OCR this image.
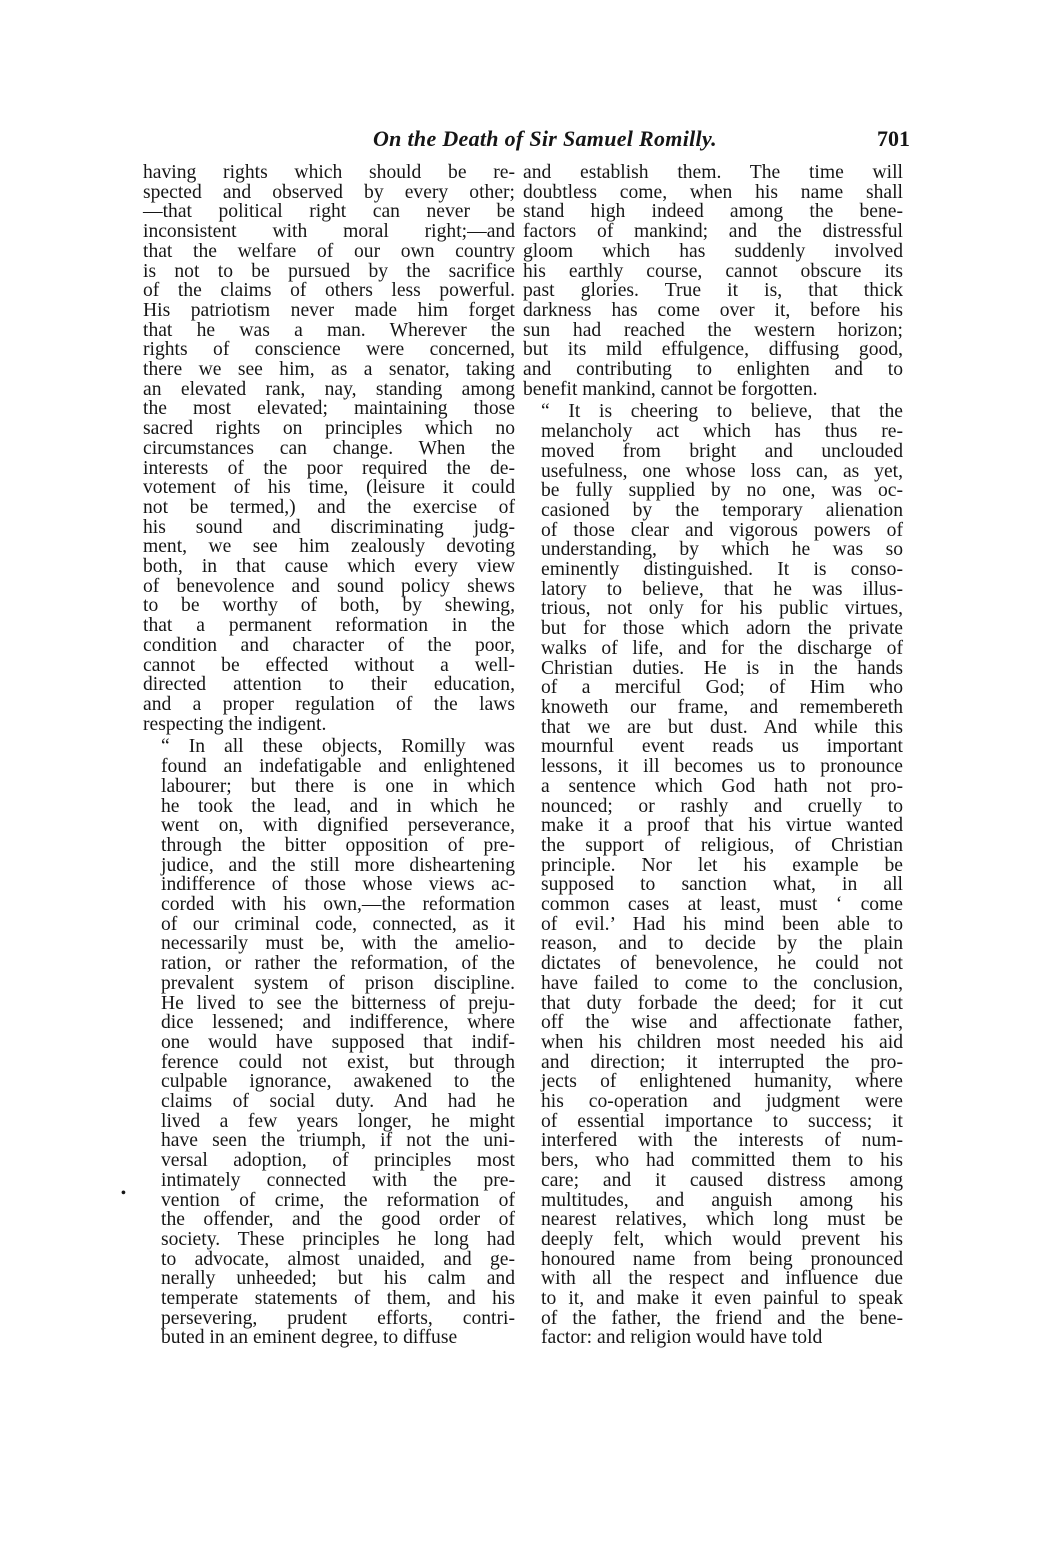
On the Death of Sir Samuel Romilly.	701
•

having rights which should be re-
spected and observed by every other;
—that political right can never be
inconsistent with moral right;—and
that the welfare of our own country
is not to be pursued by the sacrifice
of the claims of others less powerful.
His patriotism never made him forget
that he was a man. Wherever the
rights of conscience were concerned,
there we see him, as a senator, taking
an elevated rank, nay, standing among
the most elevated; maintaining those
sacred rights on principles which no
circumstances can change. When the
interests of the poor required the de-
votement of his time, (leisure it could
not be termed,) and the exercise of
his sound and discriminating judg-
ment, we see him zealously devoting
both, in that cause which every view
of benevolence and sound policy shews
to be worthy of both, by shewing,
that a permanent reformation in the
condition and character of the poor,
cannot be effected without a well-
directed attention to their education,
and a proper regulation of the laws
respecting the indigent.

“ In all these objects, Romilly was
found an indefatigable and enlightened
labourer; but there is one in which
he took the lead, and in which he
went on, with dignified perseverance,
through the bitter opposition of pre-
judice, and the still more disheartening
indifference of those whose views ac-
corded with his own,—the reformation
of our criminal code, connected, as it
necessarily must be, with the amelio-
ration, or rather the reformation, of the
prevalent system of prison discipline.
He lived to see the bitterness of preju-
dice lessened; and indifference, where
one would have supposed that indif-
ference could not exist, but through
culpable ignorance, awakened to the
claims of social duty. And had he
lived a few years longer, he might
have seen the triumph, if not the uni-
versal adoption, of principles most
intimately connected with the pre-
vention of crime, the reformation of
the offender, and the good order of
society. These principles he long had
to advocate, almost unaided, and ge-
nerally unheeded; but his calm and
temperate statements of them, and his
persevering, prudent efforts, contri-
buted in an eminent degree, to diffuse

and establish them. The time will
doubtless come, when his name shall
stand high indeed among the bene-
factors of mankind; and the distressful
gloom which has suddenly involved
his earthly course, cannot obscure its
past glories. True it is, that thick
darkness has come over it, before his
sun had reached the western horizon;
but its mild effulgence, diffusing good,
and contributing to enlighten and to
benefit mankind, cannot be forgotten.

“ It is cheering to believe, that the
melancholy act which has thus re-
moved from bright and unclouded
usefulness, one whose loss can, as yet,
be fully supplied by no one, was oc-
casioned by the temporary alienation
of those clear and vigorous powers of
understanding, by which he was so
eminently distinguished. It is conso-
latory to believe, that he was illus-
trious, not only for his public virtues,
but for those which adorn the private
walks of life, and for the discharge of
Christian duties. He is in the hands
of a merciful God; of Him who
knoweth our frame, and remembereth
that we are but dust. And while this
mournful event reads us important
lessons, it ill becomes us to pronounce
a sentence which God hath not pro-
nounced; or rashly and cruelly to
make it a proof that his virtue wanted
the support of religious, of Christian
principle. Nor let his example be
supposed to sanction what, in all
common cases at least, must ‘ come
of evil.’ Had his mind been able to
reason, and to decide by the plain
dictates of benevolence, he could not
have failed to come to the conclusion,
that duty forbade the deed; for it cut
off the wise and affectionate father,
when his children most needed his aid
and direction; it interrupted the pro-
jects of enlightened humanity, where
his co-operation and judgment were
of essential importance to success; it
interfered with the interests of num-
bers, who had committed them to his
care; and it caused distress among
multitudes, and anguish among his
nearest relatives, which long must be
deeply felt, which would prevent his
honoured name from being pronounced
with all the respect and influence due
to it, and make it even painful to speak
of the father, the friend and the bene-
factor: and religion would have told
